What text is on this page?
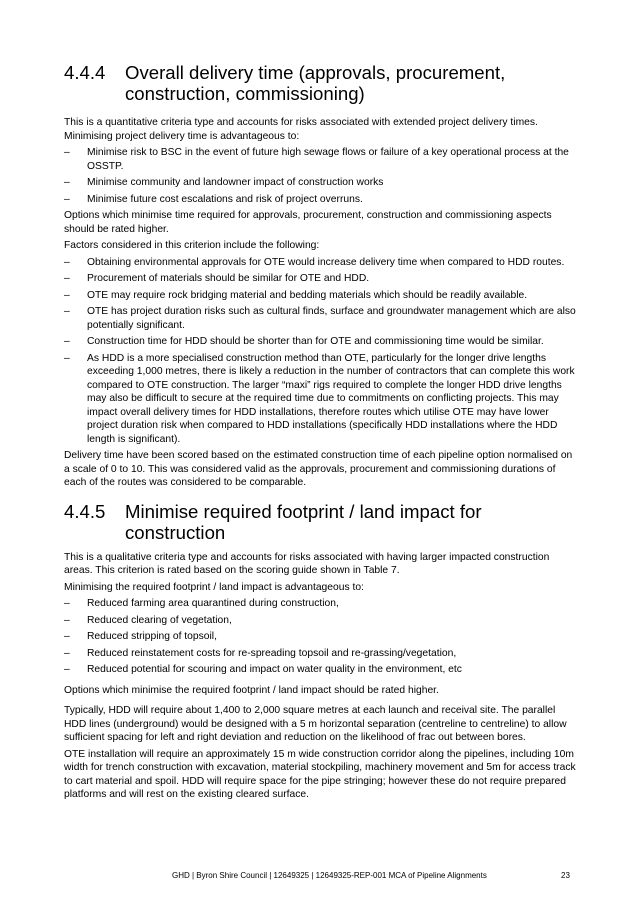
4.4.4	Overall delivery time (approvals, procurement, construction, commissioning)

This is a quantitative criteria type and accounts for risks associated with extended project delivery times. Minimising project delivery time is advantageous to:

–	Minimise risk to BSC in the event of future high sewage flows or failure of a key operational process at the OSSTP.
–	Minimise community and landowner impact of construction works
–	Minimise future cost escalations and risk of project overruns.

Options which minimise time required for approvals, procurement, construction and commissioning aspects should be rated higher.

Factors considered in this criterion include the following:

–	Obtaining environmental approvals for OTE would increase delivery time when compared to HDD routes.
–	Procurement of materials should be similar for OTE and HDD.
–	OTE may require rock bridging material and bedding materials which should be readily available.
–	OTE has project duration risks such as cultural finds, surface and groundwater management which are also potentially significant.
–	Construction time for HDD should be shorter than for OTE and commissioning time would be similar.
–	As HDD is a more specialised construction method than OTE, particularly for the longer drive lengths exceeding 1,000 metres, there is likely a reduction in the number of contractors that can complete this work compared to OTE construction. The larger “maxi” rigs required to complete the longer HDD drive lengths may also be difficult to secure at the required time due to commitments on conflicting projects. This may impact overall delivery times for HDD installations, therefore routes which utilise OTE may have lower project duration risk when compared to HDD installations (specifically HDD installations where the HDD length is significant).

Delivery time have been scored based on the estimated construction time of each pipeline option normalised on a scale of 0 to 10. This was considered valid as the approvals, procurement and commissioning durations of each of the routes was considered to be comparable.

4.4.5	Minimise required footprint / land impact for construction

This is a qualitative criteria type and accounts for risks associated with having larger impacted construction areas. This criterion is rated based on the scoring guide shown in Table 7.

Minimising the required footprint / land impact is advantageous to:

–	Reduced farming area quarantined during construction,
–	Reduced clearing of vegetation,
–	Reduced stripping of topsoil,
–	Reduced reinstatement costs for re-spreading topsoil and re-grassing/vegetation,
–	Reduced potential for scouring and impact on water quality in the environment, etc

Options which minimise the required footprint / land impact should be rated higher.

Typically, HDD will require about 1,400 to 2,000 square metres at each launch and receival site. The parallel HDD lines (underground) would be designed with a 5 m horizontal separation (centreline to centreline) to allow sufficient spacing for left and right deviation and reduction on the likelihood of frac out between bores.

OTE installation will require an approximately 15 m wide construction corridor along the pipelines, including 10m width for trench construction with excavation, material stockpiling, machinery movement and 5m for access track to cart material and spoil. HDD will require space for the pipe stringing; however these do not require prepared platforms and will rest on the existing cleared surface.

GHD | Byron Shire Council | 12649325 | 12649325-REP-001 MCA of Pipeline Alignments	23
